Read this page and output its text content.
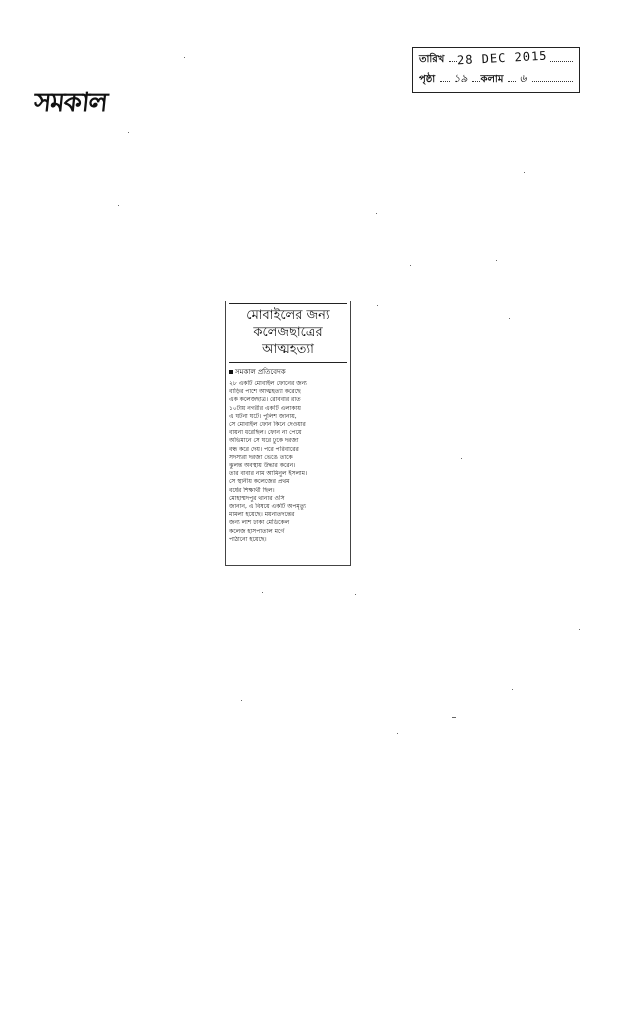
সমকাল
তারিখ 28 DEC 2015
পৃষ্ঠা ১৯ কলাম ৬
মোবাইলের জন্য
কলেজছাত্রের
আত্মহত্যা
সমকাল প্রতিবেদক
২৮ একটি মোবাইল ফোনের জন্য
বাড়ির পাশে আত্মহত্যা করেছে
এক কলেজছাত্র। রোববার রাত
১০টায় নগরীর একটি এলাকায়
এ ঘটনা ঘটে। পুলিশ জানায়,
সে মোবাইল ফোন কিনে দেওয়ার
বায়না ধরেছিল। ফোন না পেয়ে
অভিমানে সে ঘরে ঢুকে দরজা
বন্ধ করে দেয়। পরে পরিবারের
সদস্যরা দরজা ভেঙে তাকে
ঝুলন্ত অবস্থায় উদ্ধার করেন।
তার বাবার নাম আমিনুল ইসলাম।
সে স্থানীয় কলেজের প্রথম
বর্ষের শিক্ষার্থী ছিল।
মোহাম্মদপুর থানার ওসি
জানান, এ বিষয়ে একটি অপমৃত্যু
মামলা হয়েছে। ময়নাতদন্তের
জন্য লাশ ঢাকা মেডিকেল
কলেজ হাসপাতাল মর্গে
পাঠানো হয়েছে।
